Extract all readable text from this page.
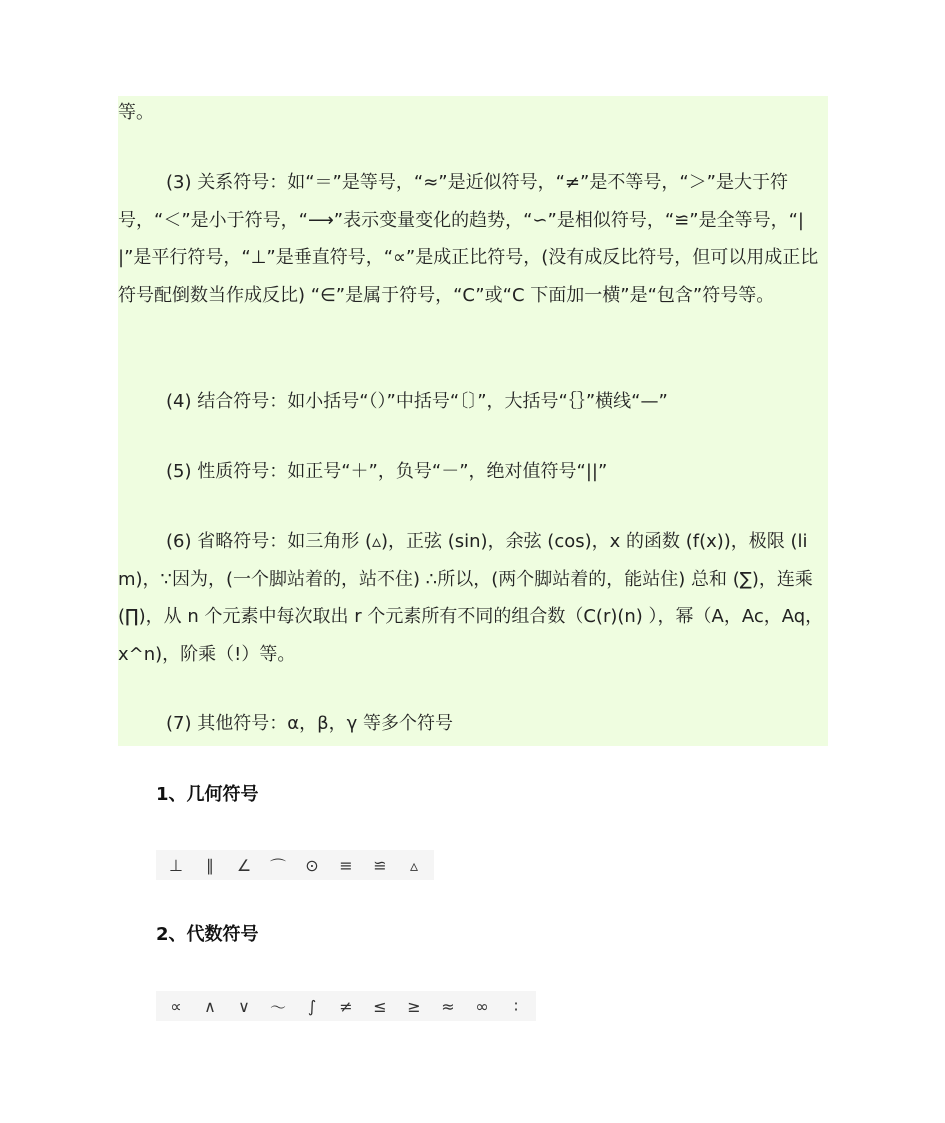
等。

(3) 关系符号：如“＝”是等号，“≈”是近似符号，“≠”是不等号，“＞”是大于符号，“＜”是小于符号，“⟶”表示变量变化的趋势，“∽”是相似符号，“≌”是全等号，“||”是平行符号，“⊥”是垂直符号，“∝”是成正比符号，(没有成反比符号，但可以用成正比符号配倒数当作成反比) “∈”是属于符号，“C”或“C 下面加一横”是“包含”符号等。

(4) 结合符号：如小括号“（）”中括号“〔〕”，大括号“｛｝”横线“—”

(5) 性质符号：如正号“＋”，负号“－”，绝对值符号“||”

(6) 省略符号：如三角形 (▵)，正弦 (sin)，余弦 (cos)，x 的函数 (f(x))，极限 (lim)，∵因为，(一个脚站着的，站不住) ∴所以，(两个脚站着的，能站住) 总和 (∑)，连乘 (∏)，从 n 个元素中每次取出 r 个元素所有不同的组合数（C(r)(n) ），幂（A，Ac，Aq，x^n)，阶乘（!）等。

(7) 其他符号：α，β，γ 等多个符号

1、几何符号
⊥	∥	∠	⌒	⊙	≡	≌	▵
2、代数符号
∝	∧	∨	～	∫	≠	≤	≥	≈	∞	∶
